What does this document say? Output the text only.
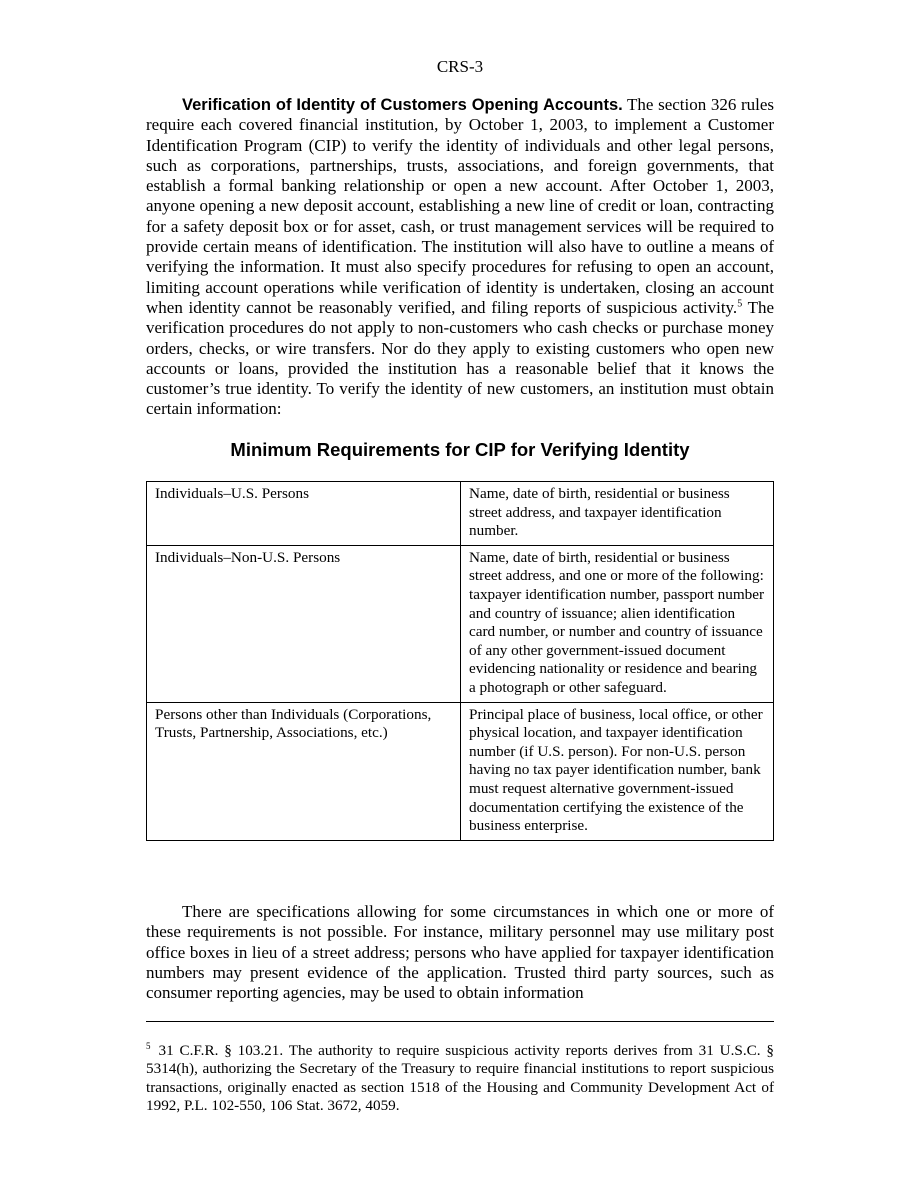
CRS-3

Verification of Identity of Customers Opening Accounts. The section 326 rules require each covered financial institution, by October 1, 2003, to implement a Customer Identification Program (CIP) to verify the identity of individuals and other legal persons, such as corporations, partnerships, trusts, associations, and foreign governments, that establish a formal banking relationship or open a new account. After October 1, 2003, anyone opening a new deposit account, establishing a new line of credit or loan, contracting for a safety deposit box or for asset, cash, or trust management services will be required to provide certain means of identification. The institution will also have to outline a means of verifying the information. It must also specify procedures for refusing to open an account, limiting account operations while verification of identity is undertaken, closing an account when identity cannot be reasonably verified, and filing reports of suspicious activity.$^5$ The verification procedures do not apply to non-customers who cash checks or purchase money orders, checks, or wire transfers. Nor do they apply to existing customers who open new accounts or loans, provided the institution has a reasonable belief that it knows the customer’s true identity. To verify the identity of new customers, an institution must obtain certain information:

Minimum Requirements for CIP for Verifying Identity
Individuals–U.S. Persons	Name, date of birth, residential or business street address, and taxpayer identification number.
Individuals–Non-U.S. Persons	Name, date of birth, residential or business street address, and one or more of the following: taxpayer identification number, passport number and country of issuance; alien identification card number, or number and country of issuance of any other government-issued document evidencing nationality or residence and bearing a photograph or other safeguard.
Persons other than Individuals (Corporations, Trusts, Partnership, Associations, etc.)	Principal place of business, local office, or other physical location, and taxpayer identification number (if U.S. person). For non-U.S. person having no tax payer identification number, bank must request alternative government-issued documentation certifying the existence of the business enterprise.

There are specifications allowing for some circumstances in which one or more of these requirements is not possible. For instance, military personnel may use military post office boxes in lieu of a street address; persons who have applied for taxpayer identification numbers may present evidence of the application. Trusted third party sources, such as consumer reporting agencies, may be used to obtain information

$^5$ 31 C.F.R. § 103.21. The authority to require suspicious activity reports derives from 31 U.S.C. § 5314(h), authorizing the Secretary of the Treasury to require financial institutions to report suspicious transactions, originally enacted as section 1518 of the Housing and Community Development Act of 1992, P.L. 102-550, 106 Stat. 3672, 4059.
